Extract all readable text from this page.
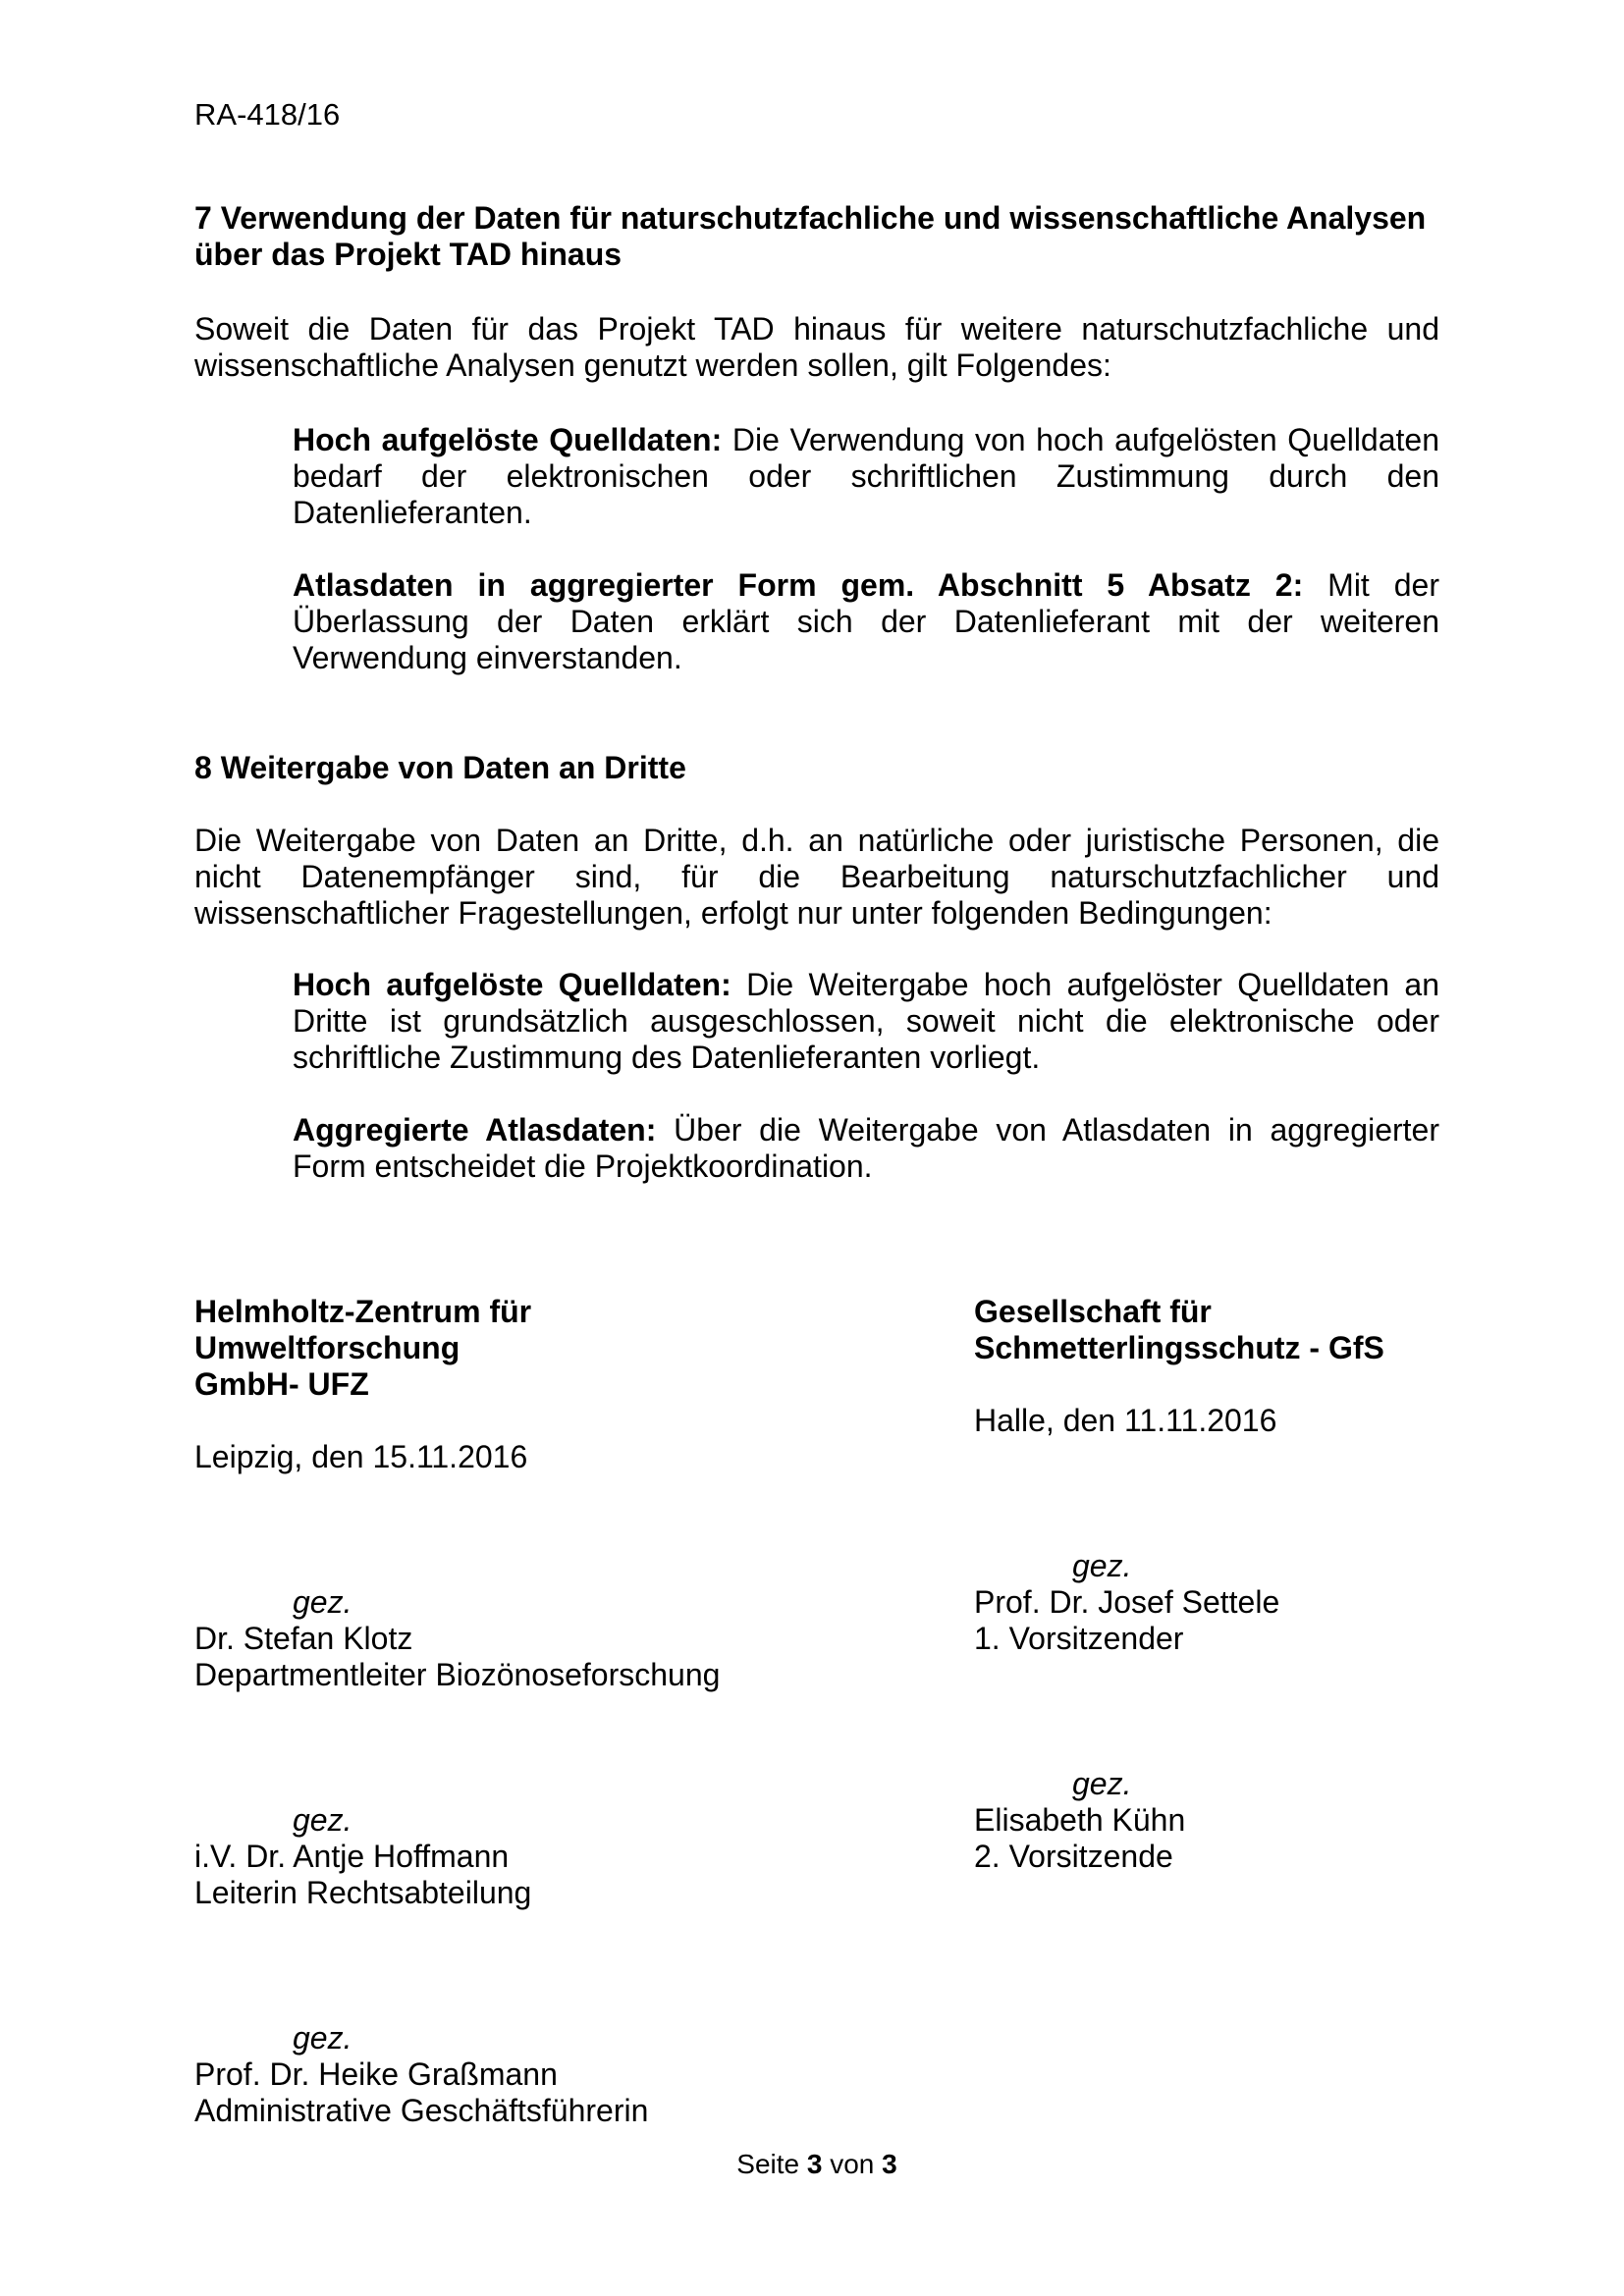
RA-418/16
7 Verwendung der Daten für naturschutzfachliche und wissenschaftliche Analysen
über das Projekt TAD hinaus
Soweit die Daten für das Projekt TAD hinaus für weitere naturschutzfachliche und
wissenschaftliche Analysen genutzt werden sollen, gilt Folgendes:
Hoch aufgelöste Quelldaten: Die Verwendung von hoch aufgelösten Quelldaten bedarf der elektronischen oder schriftlichen Zustimmung durch den Datenlieferanten.
Atlasdaten in aggregierter Form gem. Abschnitt 5 Absatz 2: Mit der Überlassung der Daten erklärt sich der Datenlieferant mit der weiteren Verwendung einverstanden.
8 Weitergabe von Daten an Dritte
Die Weitergabe von Daten an Dritte, d.h. an natürliche oder juristische Personen, die nicht Datenempfänger sind, für die Bearbeitung naturschutzfachlicher und wissenschaftlicher Fragestellungen, erfolgt nur unter folgenden Bedingungen:
Hoch aufgelöste Quelldaten: Die Weitergabe hoch aufgelöster Quelldaten an Dritte ist grundsätzlich ausgeschlossen, soweit nicht die elektronische oder schriftliche Zustimmung des Datenlieferanten vorliegt.
Aggregierte Atlasdaten: Über die Weitergabe von Atlasdaten in aggregierter Form entscheidet die Projektkoordination.
Helmholtz-Zentrum für Umweltforschung
GmbH- UFZ
Leipzig, den 15.11.2016
gez.
Dr. Stefan Klotz
Departmentleiter Biozönoseforschung
gez.
i.V. Dr. Antje Hoffmann
Leiterin Rechtsabteilung
gez.
Prof. Dr. Heike Graßmann
Administrative Geschäftsführerin
Gesellschaft für
Schmetterlingsschutz - GfS
Halle, den 11.11.2016
gez.
Prof. Dr. Josef Settele
1. Vorsitzender
gez.
Elisabeth Kühn
2. Vorsitzende
Seite 3 von 3
